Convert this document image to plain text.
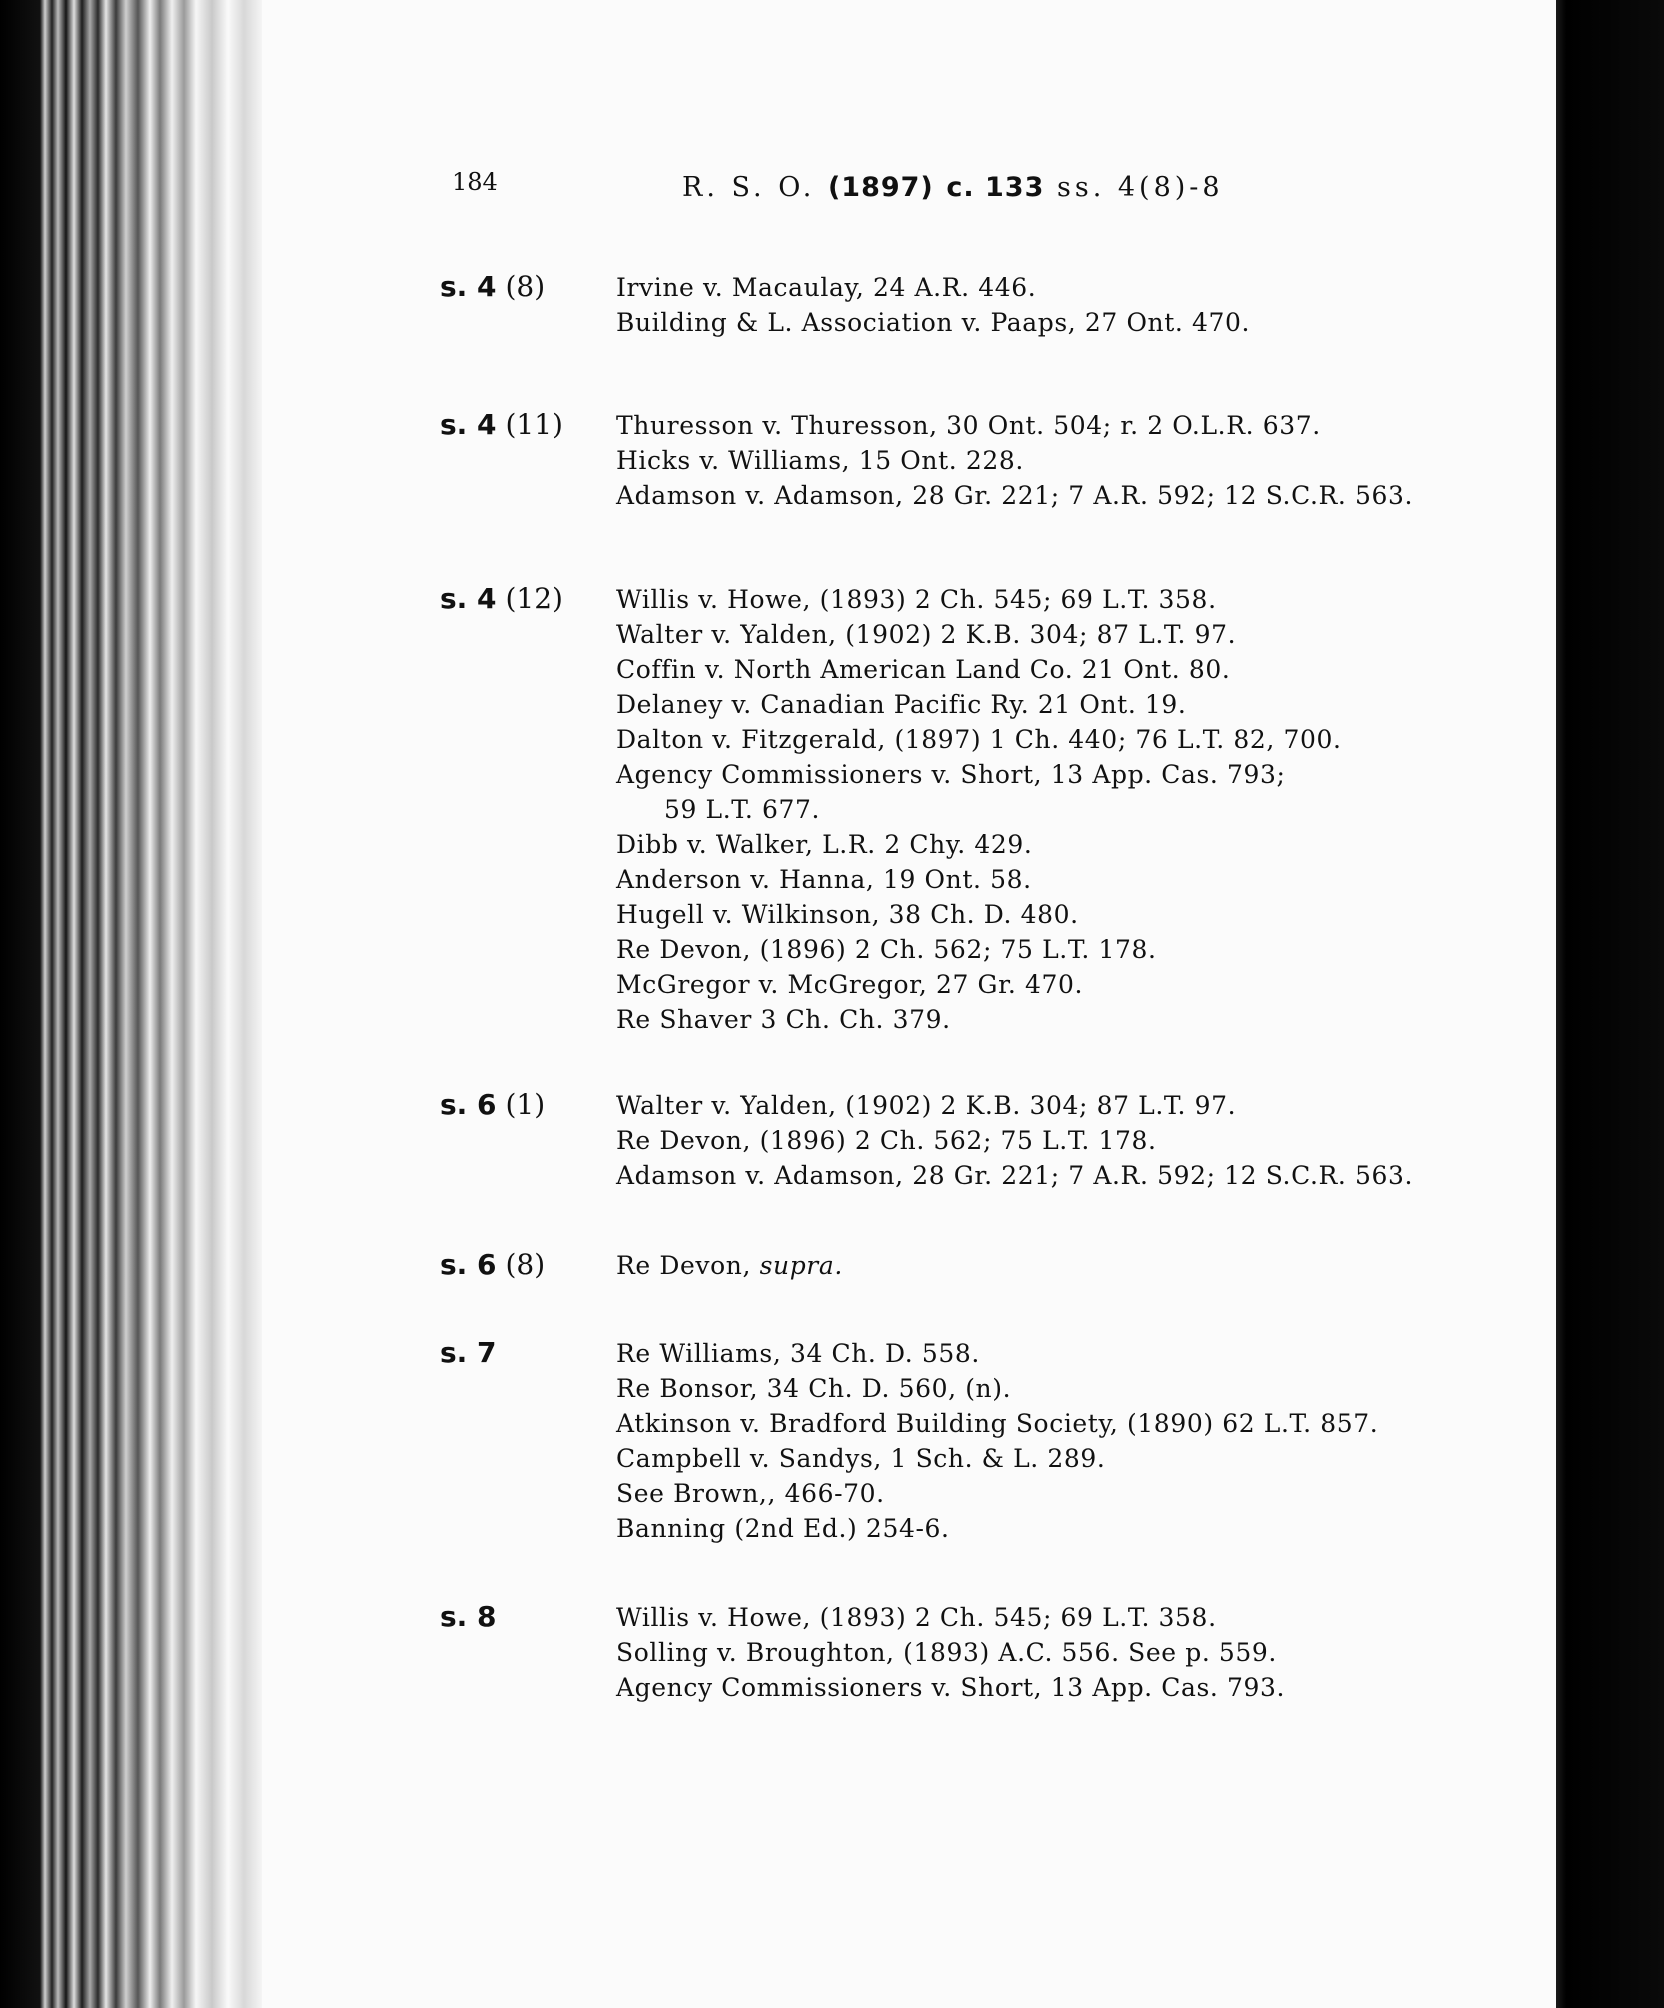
184	R. S. O. (1897) c. 133 ss. 4(8)-8
s. 4 (8)	Irvine v. Macaulay, 24 A.R. 446.
Building & L. Association v. Paaps, 27 Ont. 470.
s. 4 (11)	Thuresson v. Thuresson, 30 Ont. 504; r. 2 O.L.R. 637.
Hicks v. Williams, 15 Ont. 228.
Adamson v. Adamson, 28 Gr. 221; 7 A.R. 592; 12 S.C.R. 563.
s. 4 (12)	Willis v. Howe, (1893) 2 Ch. 545; 69 L.T. 358.
Walter v. Yalden, (1902) 2 K.B. 304; 87 L.T. 97.
Coffin v. North American Land Co. 21 Ont. 80.
Delaney v. Canadian Pacific Ry. 21 Ont. 19.
Dalton v. Fitzgerald, (1897) 1 Ch. 440; 76 L.T. 82, 700.
Agency Commissioners v. Short, 13 App. Cas. 793;
59 L.T. 677.
Dibb v. Walker, L.R. 2 Chy. 429.
Anderson v. Hanna, 19 Ont. 58.
Hugell v. Wilkinson, 38 Ch. D. 480.
Re Devon, (1896) 2 Ch. 562; 75 L.T. 178.
McGregor v. McGregor, 27 Gr. 470.
Re Shaver 3 Ch. Ch. 379.
s. 6 (1)	Walter v. Yalden, (1902) 2 K.B. 304; 87 L.T. 97.
Re Devon, (1896) 2 Ch. 562; 75 L.T. 178.
Adamson v. Adamson, 28 Gr. 221; 7 A.R. 592; 12 S.C.R. 563.
s. 6 (8)	Re Devon, supra.
s. 7	Re Williams, 34 Ch. D. 558.
Re Bonsor, 34 Ch. D. 560, (n).
Atkinson v. Bradford Building Society, (1890) 62 L.T. 857.
Campbell v. Sandys, 1 Sch. & L. 289.
See Brown,, 466-70.
Banning (2nd Ed.) 254-6.
s. 8	Willis v. Howe, (1893) 2 Ch. 545; 69 L.T. 358.
Solling v. Broughton, (1893) A.C. 556. See p. 559.
Agency Commissioners v. Short, 13 App. Cas. 793.
